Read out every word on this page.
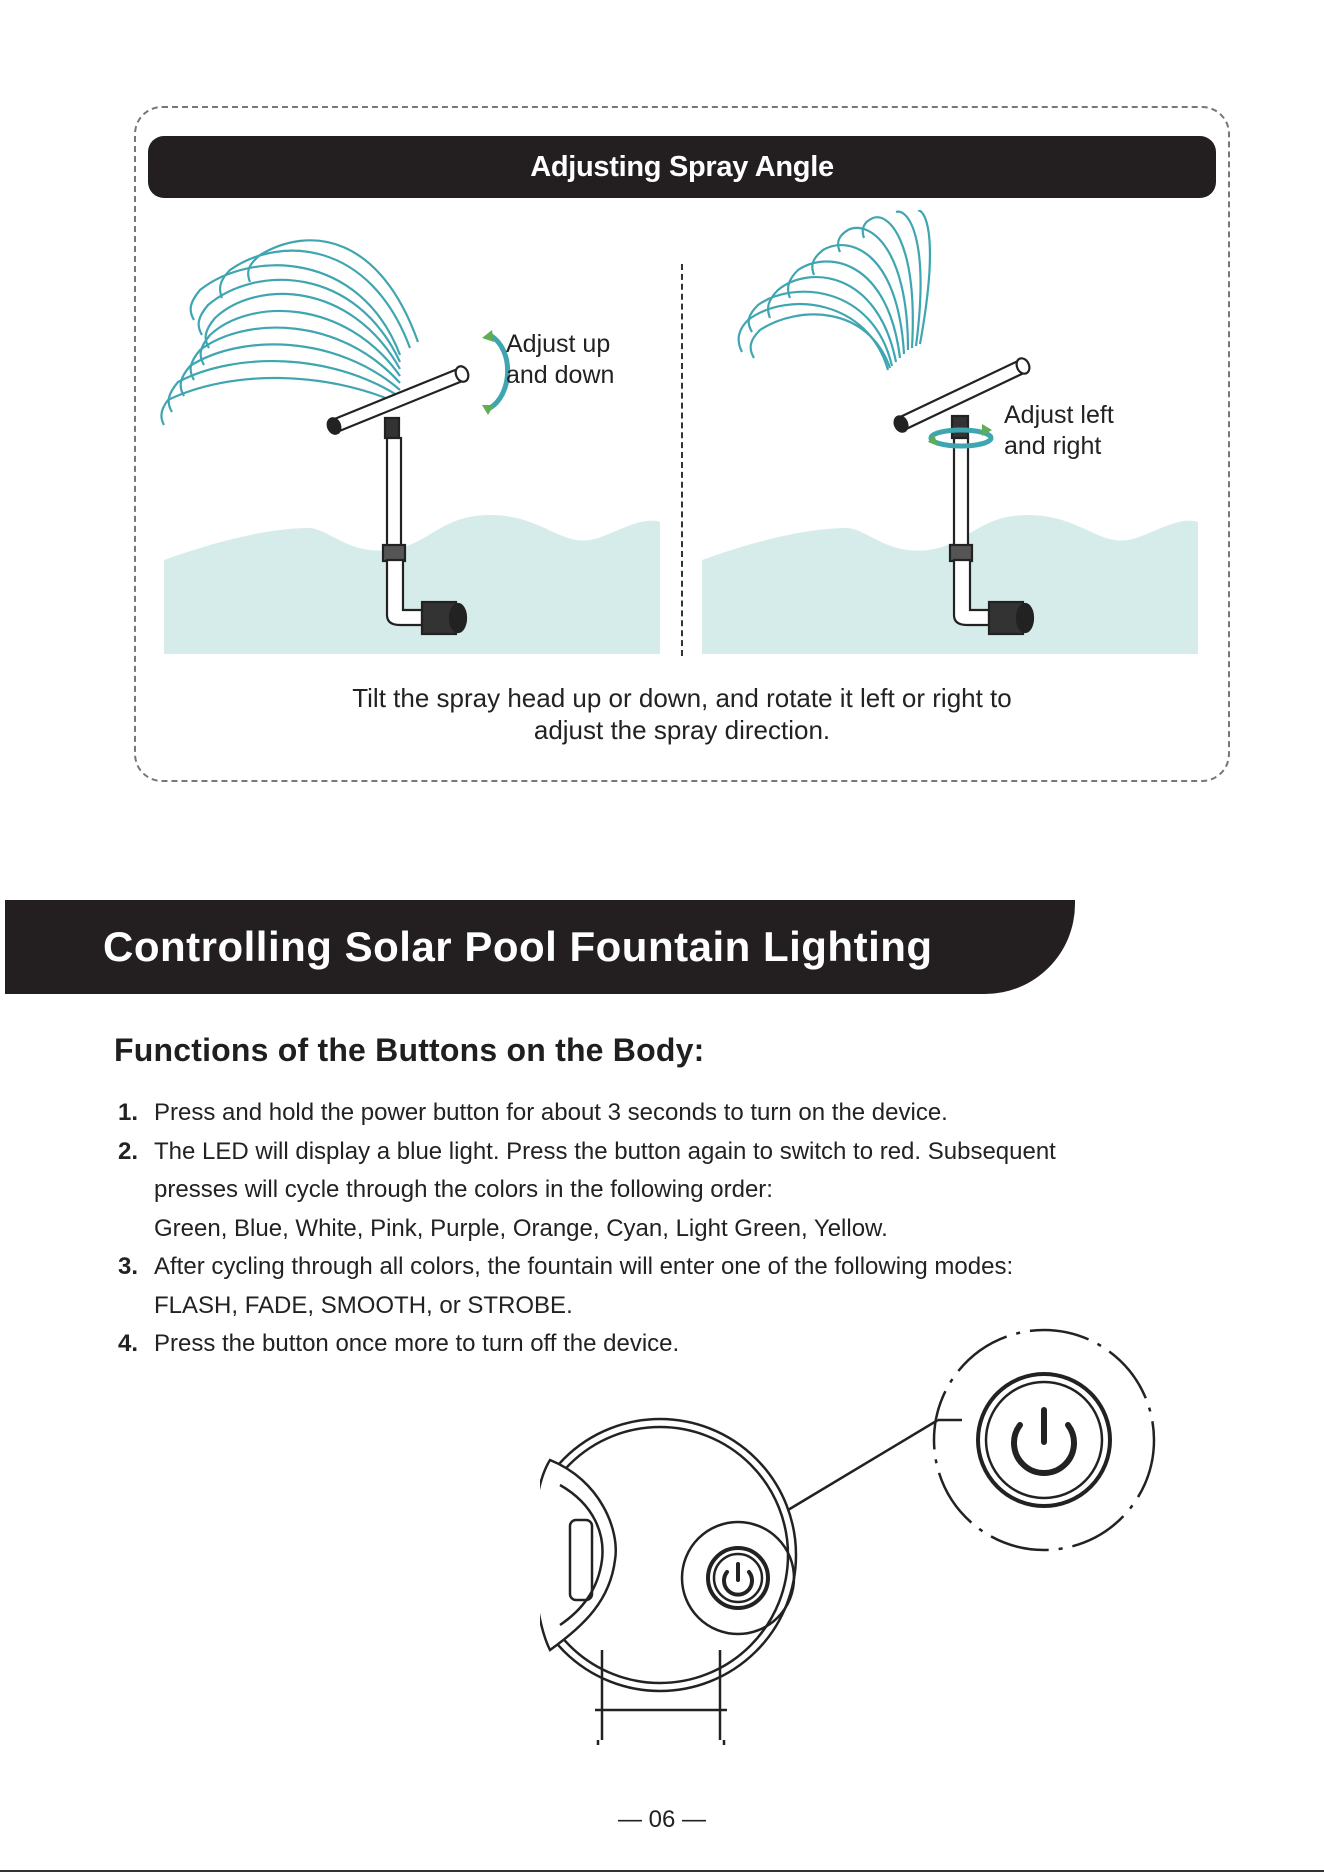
Adjusting Spray Angle
Adjust up
and down
Adjust left
and right
Tilt the spray head up or down, and rotate it left or right to
adjust the spray direction.
Controlling Solar Pool Fountain Lighting
Functions of the Buttons on the Body:
1. Press and hold the power button for about 3 seconds to turn on the device.
2. The LED will display a blue light. Press the button again to switch to red. Subsequent
presses will cycle through the colors in the following order:
Green, Blue, White, Pink, Purple, Orange, Cyan, Light Green, Yellow.
3. After cycling through all colors, the fountain will enter one of the following modes:
FLASH, FADE, SMOOTH, or STROBE.
4. Press the button once more to turn off the device.
— 06 —
